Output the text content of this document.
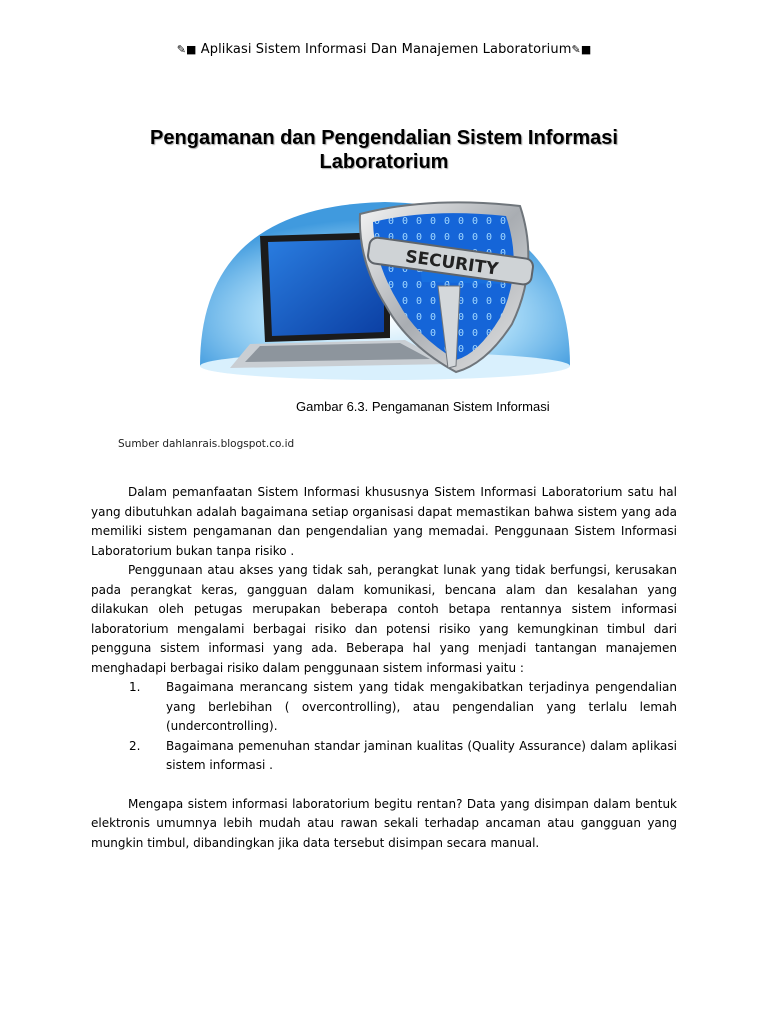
✎■ Aplikasi Sistem Informasi Dan Manajemen Laboratorium✎■
Pengamanan dan Pengendalian Sistem Informasi
Laboratorium
SECURITY
Gambar 6.3. Pengamanan Sistem Informasi
Sumber dahlanrais.blogspot.co.id

Dalam pemanfaatan Sistem Informasi khususnya Sistem Informasi Laboratorium satu hal yang dibutuhkan adalah bagaimana setiap organisasi dapat memastikan bahwa sistem yang ada memiliki sistem pengamanan dan pengendalian yang memadai. Penggunaan Sistem Informasi Laboratorium bukan tanpa risiko .

Penggunaan atau akses yang tidak sah, perangkat lunak yang tidak berfungsi, kerusakan pada perangkat keras, gangguan dalam komunikasi, bencana alam dan kesalahan yang dilakukan oleh petugas merupakan beberapa contoh betapa rentannya sistem informasi laboratorium mengalami berbagai risiko dan potensi risiko yang kemungkinan timbul dari pengguna sistem informasi yang ada. Beberapa hal yang menjadi tantangan manajemen menghadapi berbagai risiko dalam penggunaan sistem informasi yaitu :

1.	Bagaimana merancang sistem yang tidak mengakibatkan terjadinya pengendalian yang berlebihan ( overcontrolling), atau pengendalian yang terlalu lemah (undercontrolling).
2.	Bagaimana pemenuhan standar jaminan kualitas (Quality Assurance) dalam aplikasi sistem informasi .

Mengapa sistem informasi laboratorium begitu rentan? Data yang disimpan dalam bentuk elektronis umumnya lebih mudah atau rawan sekali terhadap ancaman atau gangguan yang mungkin timbul, dibandingkan jika data tersebut disimpan secara manual.
